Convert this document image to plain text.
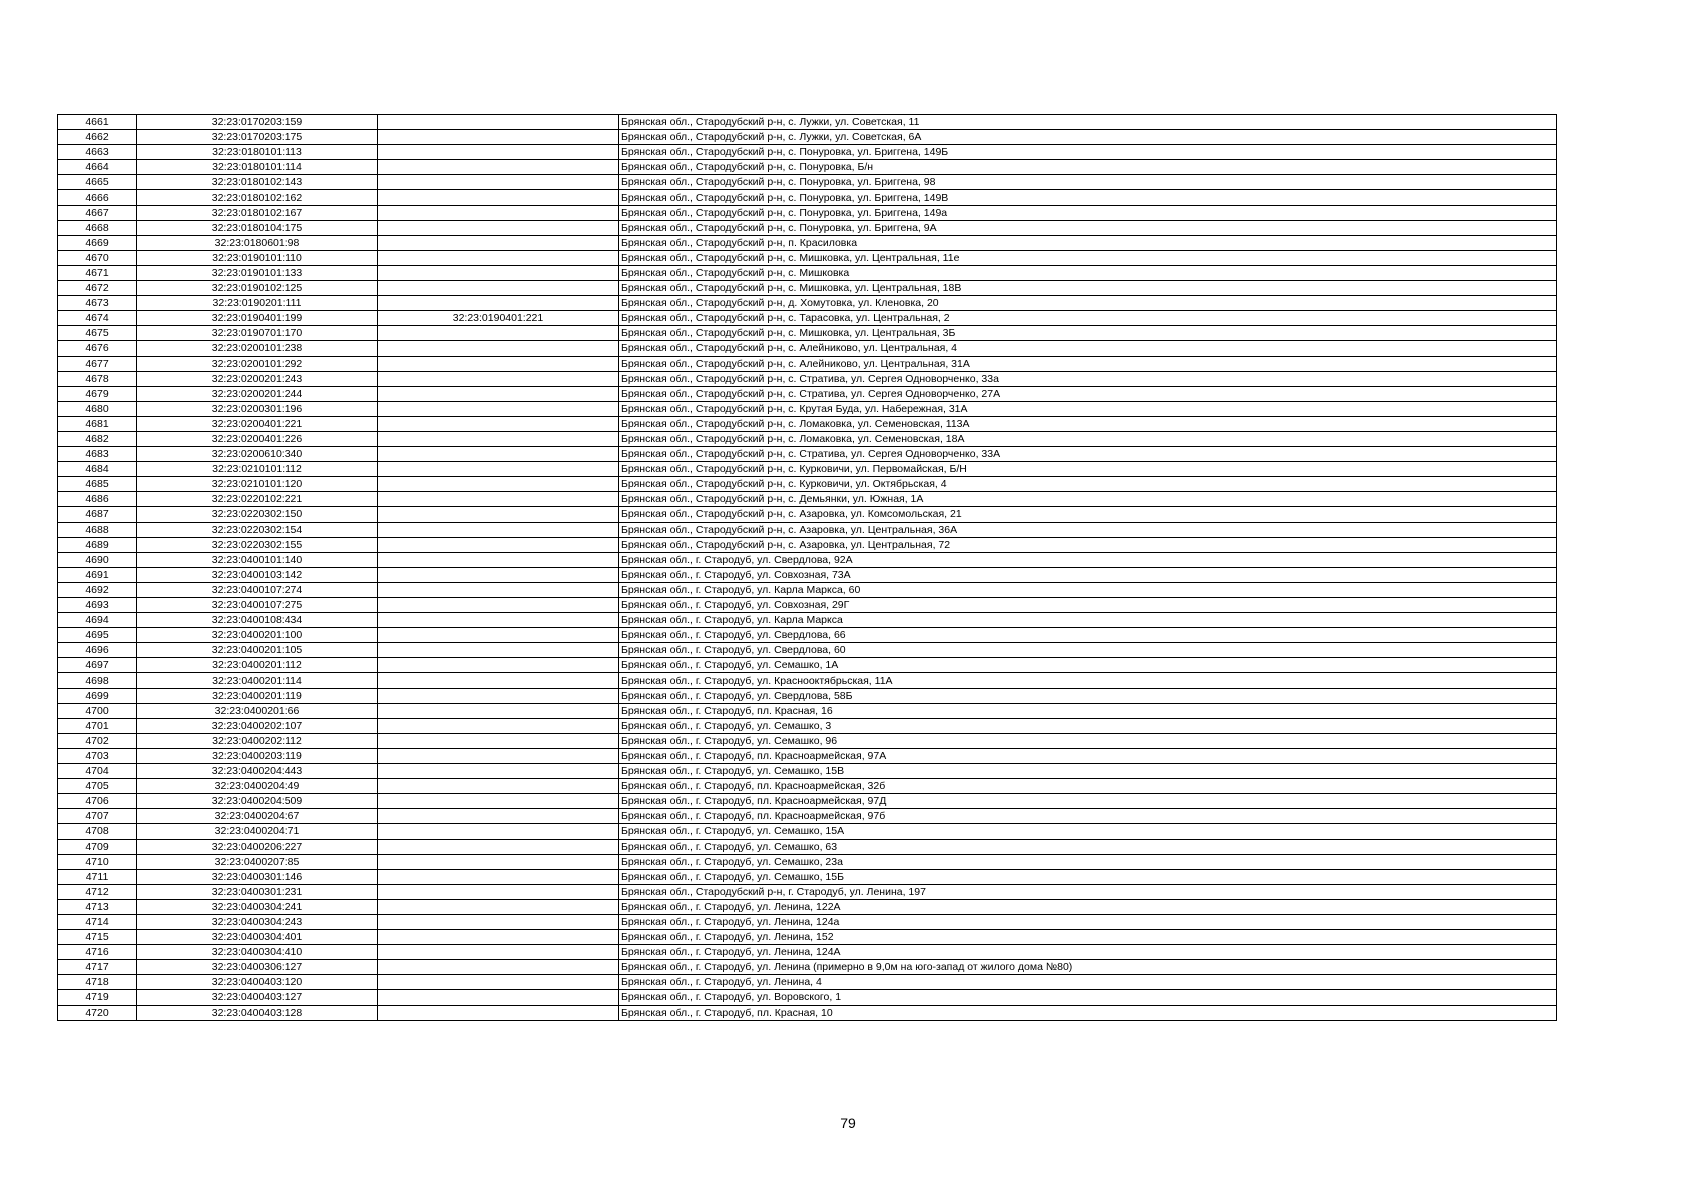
4661	32:23:0170203:159		Брянская обл., Стародубский р-н, с. Лужки, ул. Советская, 11
4662	32:23:0170203:175		Брянская обл., Стародубский р-н, с. Лужки, ул. Советская, 6А
4663	32:23:0180101:113		Брянская обл., Стародубский р-н, с. Понуровка, ул. Бриггена, 149Б
4664	32:23:0180101:114		Брянская обл., Стародубский р-н, с. Понуровка, Б/н
4665	32:23:0180102:143		Брянская обл., Стародубский р-н, с. Понуровка, ул. Бриггена, 98
4666	32:23:0180102:162		Брянская обл., Стародубский р-н, с. Понуровка, ул. Бриггена, 149В
4667	32:23:0180102:167		Брянская обл., Стародубский р-н, с. Понуровка, ул. Бриггена, 149а
4668	32:23:0180104:175		Брянская обл., Стародубский р-н, с. Понуровка, ул. Бриггена, 9А
4669	32:23:0180601:98		Брянская обл., Стародубский р-н, п. Красиловка
4670	32:23:0190101:110		Брянская обл., Стародубский р-н, с. Мишковка, ул. Центральная, 11е
4671	32:23:0190101:133		Брянская обл., Стародубский р-н, с. Мишковка
4672	32:23:0190102:125		Брянская обл., Стародубский р-н, с. Мишковка, ул. Центральная, 18В
4673	32:23:0190201:111		Брянская обл., Стародубский р-н, д. Хомутовка, ул. Кленовка, 20
4674	32:23:0190401:199	32:23:0190401:221	Брянская обл., Стародубский р-н, с. Тарасовка, ул. Центральная, 2
4675	32:23:0190701:170		Брянская обл., Стародубский р-н, с. Мишковка, ул. Центральная, 3Б
4676	32:23:0200101:238		Брянская обл., Стародубский р-н, с. Алейниково, ул. Центральная, 4
4677	32:23:0200101:292		Брянская обл., Стародубский р-н, с. Алейниково, ул. Центральная, 31А
4678	32:23:0200201:243		Брянская обл., Стародубский р-н, с. Стратива, ул. Сергея Одноворченко, 33а
4679	32:23:0200201:244		Брянская обл., Стародубский р-н, с. Стратива, ул. Сергея Одноворченко, 27А
4680	32:23:0200301:196		Брянская обл., Стародубский р-н, с. Крутая Буда, ул. Набережная, 31А
4681	32:23:0200401:221		Брянская обл., Стародубский р-н, с. Ломаковка, ул. Семеновская, 113А
4682	32:23:0200401:226		Брянская обл., Стародубский р-н, с. Ломаковка, ул. Семеновская, 18А
4683	32:23:0200610:340		Брянская обл., Стародубский р-н, с. Стратива, ул. Сергея Одноворченко, 33А
4684	32:23:0210101:112		Брянская обл., Стародубский р-н, с. Курковичи, ул. Первомайская, Б/Н
4685	32:23:0210101:120		Брянская обл., Стародубский р-н, с. Курковичи, ул. Октябрьская, 4
4686	32:23:0220102:221		Брянская обл., Стародубский р-н, с. Демьянки, ул. Южная, 1А
4687	32:23:0220302:150		Брянская обл., Стародубский р-н, с. Азаровка, ул. Комсомольская, 21
4688	32:23:0220302:154		Брянская обл., Стародубский р-н, с. Азаровка, ул. Центральная, 36А
4689	32:23:0220302:155		Брянская обл., Стародубский р-н, с. Азаровка, ул. Центральная, 72
4690	32:23:0400101:140		Брянская обл., г. Стародуб, ул. Свердлова, 92А
4691	32:23:0400103:142		Брянская обл., г. Стародуб, ул. Совхозная, 73А
4692	32:23:0400107:274		Брянская обл., г. Стародуб, ул. Карла Маркса, 60
4693	32:23:0400107:275		Брянская обл., г. Стародуб, ул. Совхозная, 29Г
4694	32:23:0400108:434		Брянская обл., г. Стародуб, ул. Карла Маркса
4695	32:23:0400201:100		Брянская обл., г. Стародуб, ул. Свердлова, 66
4696	32:23:0400201:105		Брянская обл., г. Стародуб, ул. Свердлова, 60
4697	32:23:0400201:112		Брянская обл., г. Стародуб, ул. Семашко, 1А
4698	32:23:0400201:114		Брянская обл., г. Стародуб, ул. Краснооктябрьская, 11А
4699	32:23:0400201:119		Брянская обл., г. Стародуб, ул. Свердлова, 58Б
4700	32:23:0400201:66		Брянская обл., г. Стародуб, пл. Красная, 16
4701	32:23:0400202:107		Брянская обл., г. Стародуб, ул. Семашко, 3
4702	32:23:0400202:112		Брянская обл., г. Стародуб, ул. Семашко, 96
4703	32:23:0400203:119		Брянская обл., г. Стародуб, пл. Красноармейская, 97А
4704	32:23:0400204:443		Брянская обл., г. Стародуб, ул. Семашко, 15В
4705	32:23:0400204:49		Брянская обл., г. Стародуб, пл. Красноармейская, 32б
4706	32:23:0400204:509		Брянская обл., г. Стародуб, пл. Красноармейская, 97Д
4707	32:23:0400204:67		Брянская обл., г. Стародуб, пл. Красноармейская, 97б
4708	32:23:0400204:71		Брянская обл., г. Стародуб, ул. Семашко, 15А
4709	32:23:0400206:227		Брянская обл., г. Стародуб, ул. Семашко, 63
4710	32:23:0400207:85		Брянская обл., г. Стародуб, ул. Семашко, 23а
4711	32:23:0400301:146		Брянская обл., г. Стародуб, ул. Семашко, 15Б
4712	32:23:0400301:231		Брянская обл., Стародубский р-н, г. Стародуб, ул. Ленина, 197
4713	32:23:0400304:241		Брянская обл., г. Стародуб, ул. Ленина, 122А
4714	32:23:0400304:243		Брянская обл., г. Стародуб, ул. Ленина, 124а
4715	32:23:0400304:401		Брянская обл., г. Стародуб, ул. Ленина, 152
4716	32:23:0400304:410		Брянская обл., г. Стародуб, ул. Ленина, 124А
4717	32:23:0400306:127		Брянская обл., г. Стародуб, ул. Ленина (примерно в 9,0м на юго-запад от жилого дома №80)
4718	32:23:0400403:120		Брянская обл., г. Стародуб, ул. Ленина, 4
4719	32:23:0400403:127		Брянская обл., г. Стародуб, ул. Воровского, 1
4720	32:23:0400403:128		Брянская обл., г. Стародуб, пл. Красная, 10
79
